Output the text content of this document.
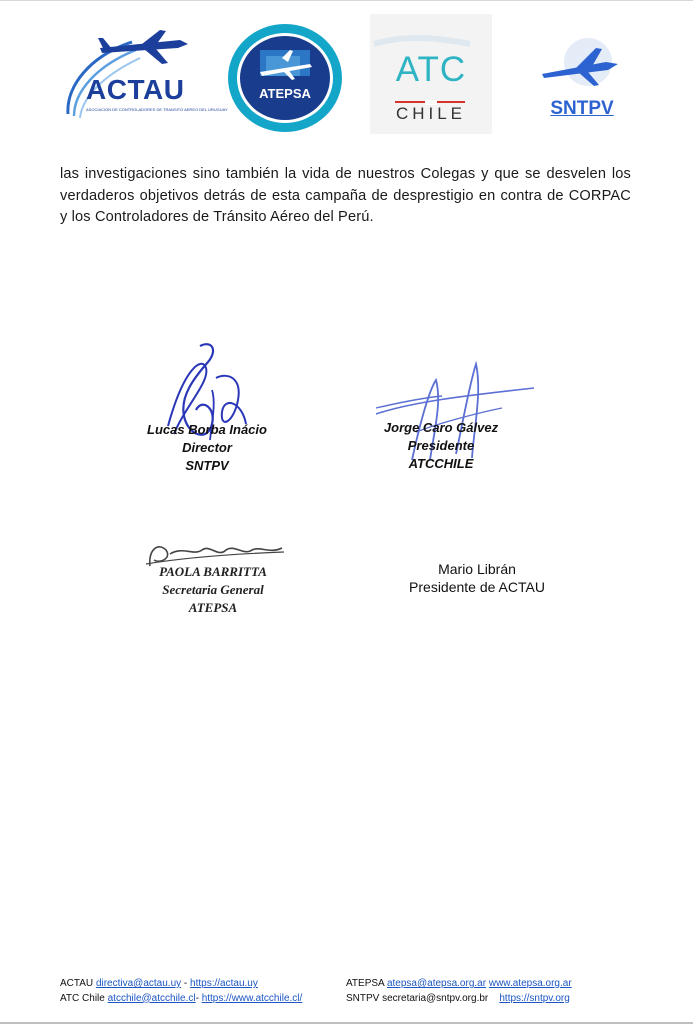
ACTAU
ASOCIACION DE CONTROLADORES DE TRANSITO AEREO DEL URUGUAY
ATEPSA
ATC
CHILE	SNTPV
las investigaciones sino también la vida de nuestros Colegas y que se desvelen los verdaderos objetivos detrás de esta campaña de desprestigio en contra de CORPAC y los Controladores de Tránsito Aéreo del Perú.
Lucas Borba Inácio
Director
SNTPV
Jorge Caro Gálvez
Presidente
ATCCHILE
PAOLA BARRITTA
Secretaria General
ATEPSA
Mario Librán
Presidente de ACTAU
ACTAU directiva@actau.uy - https://actau.uy	ATEPSA atepsa@atepsa.org.ar www.atepsa.org.ar
ATC Chile atcchile@atcchile.cl- https://www.atcchile.cl/	SNTPV secretaria@sntpv.org.br https://sntpv.org
